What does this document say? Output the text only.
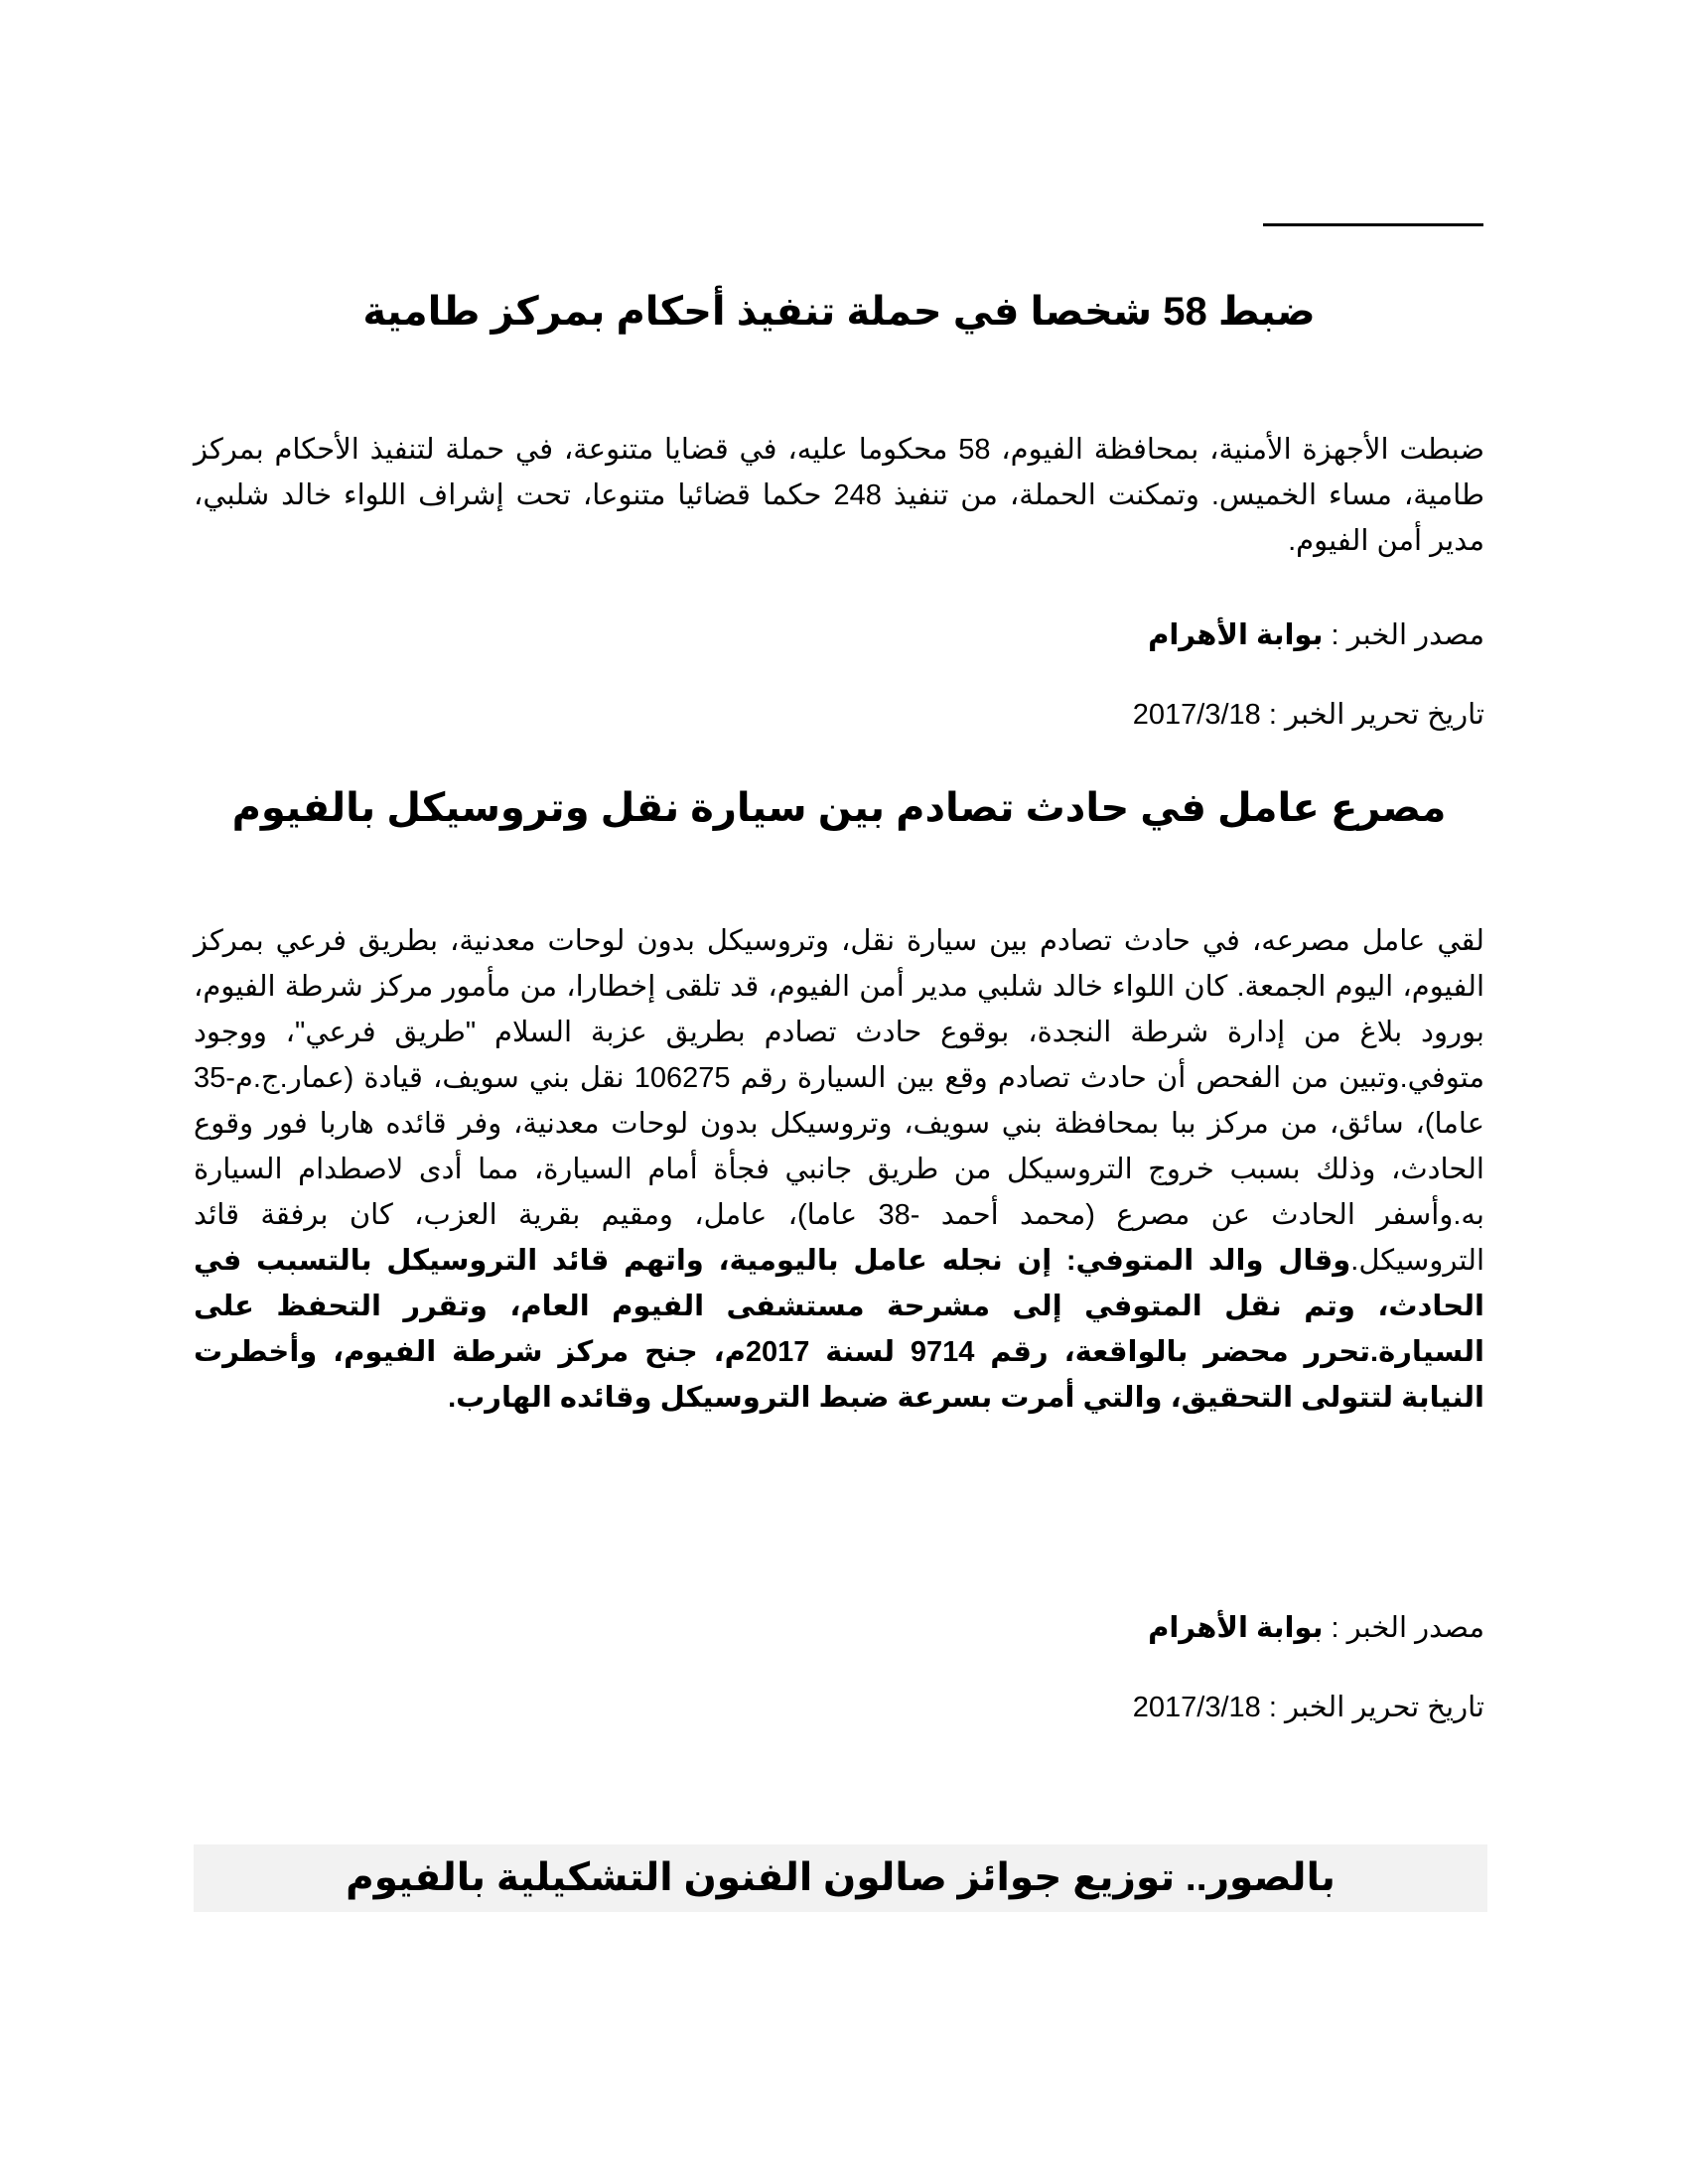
ضبط 58 شخصا في حملة تنفيذ أحكام بمركز طامية

ضبطت الأجهزة الأمنية، بمحافظة الفيوم، 58 محكوما عليه، في قضايا متنوعة، في حملة لتنفيذ الأحكام بمركز طامية، مساء الخميس. وتمكنت الحملة، من تنفيذ 248 حكما قضائيا متنوعا، تحت إشراف اللواء خالد شلبي، مدير أمن الفيوم.

مصدر الخبر : بوابة الأهرام

تاريخ تحرير الخبر : 2017/3/18

مصرع عامل في حادث تصادم بين سيارة نقل وتروسيكل بالفيوم

لقي عامل مصرعه، في حادث تصادم بين سيارة نقل، وتروسيكل بدون لوحات معدنية، بطريق فرعي بمركز الفيوم، اليوم الجمعة. كان اللواء خالد شلبي مدير أمن الفيوم، قد تلقى إخطارا، من مأمور مركز شرطة الفيوم، بورود بلاغ من إدارة شرطة النجدة، بوقوع حادث تصادم بطريق عزبة السلام "طريق فرعي"، ووجود متوفي.وتبين من الفحص أن حادث تصادم وقع بين السيارة رقم 106275 نقل بني سويف، قيادة (عمار.ج.م-35 عاما)، سائق، من مركز ببا بمحافظة بني سويف، وتروسيكل بدون لوحات معدنية، وفر قائده هاربا فور وقوع الحادث، وذلك بسبب خروج التروسيكل من طريق جانبي فجأة أمام السيارة، مما أدى لاصطدام السيارة به.وأسفر الحادث عن مصرع (محمد أحمد -38 عاما)، عامل، ومقيم بقرية العزب، كان برفقة قائد التروسيكل.وقال والد المتوفي: إن نجله عامل باليومية، واتهم قائد التروسيكل بالتسبب في الحادث، وتم نقل المتوفي إلى مشرحة مستشفى الفيوم العام، وتقرر التحفظ على السيارة.تحرر محضر بالواقعة، رقم 9714 لسنة 2017م، جنح مركز شرطة الفيوم، وأخطرت النيابة لتتولى التحقيق، والتي أمرت بسرعة ضبط التروسيكل وقائده الهارب.

مصدر الخبر : بوابة الأهرام

تاريخ تحرير الخبر : 2017/3/18

بالصور.. توزيع جوائز صالون الفنون التشكيلية بالفيوم
